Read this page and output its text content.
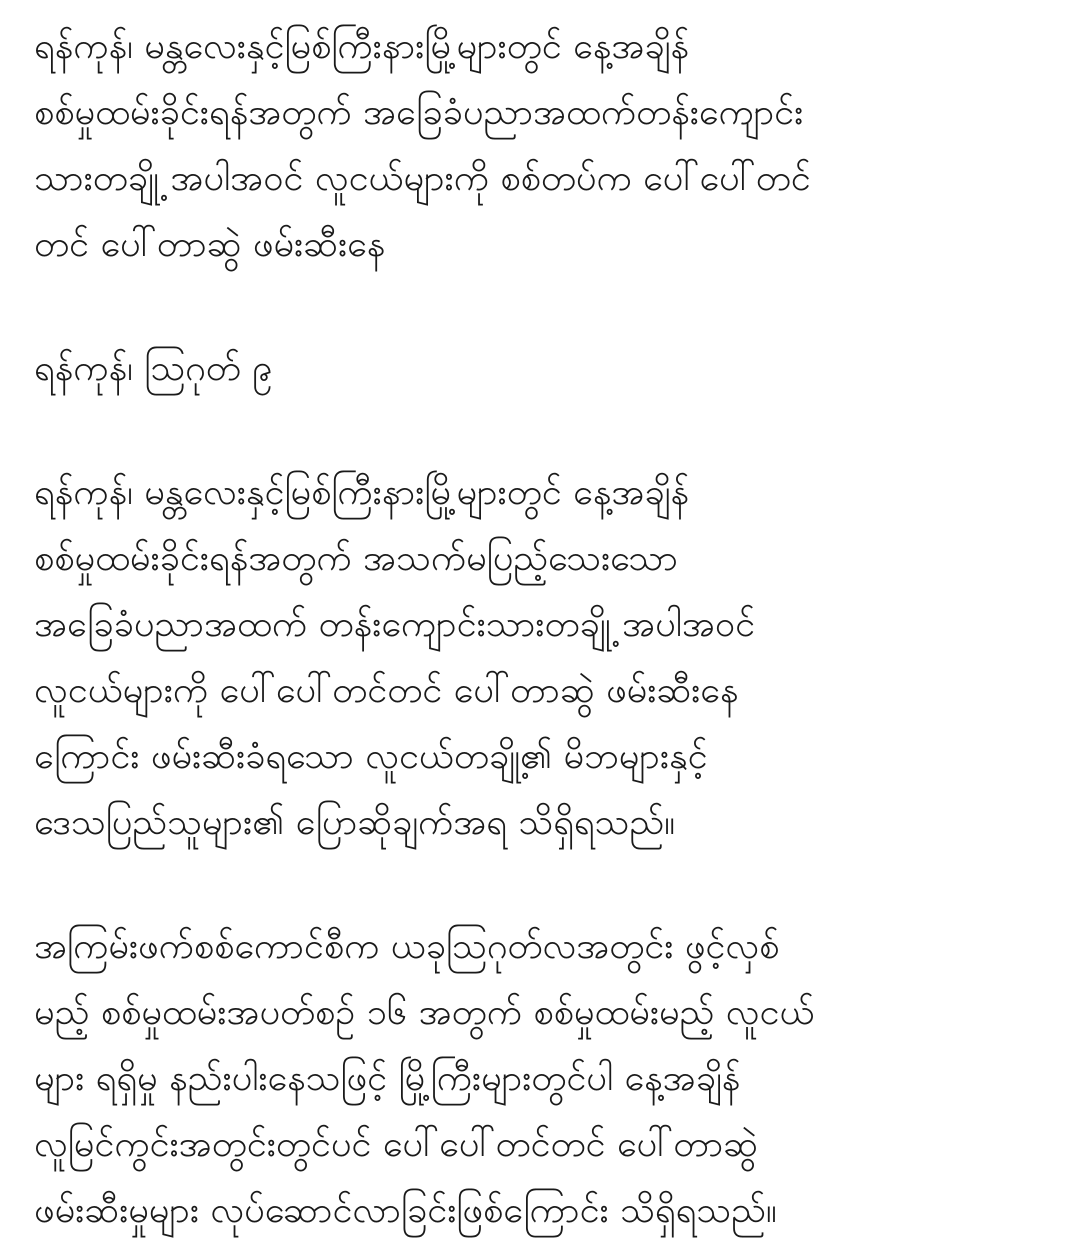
ရန်ကုန်၊ မန္တလေးနှင့်မြစ်ကြီးနားမြို့များတွင် နေ့အချိန်
စစ်မှုထမ်းခိုင်းရန်အတွက် အခြေခံပညာအထက်တန်းကျောင်း
သားတချို့ အပါအဝင် လူငယ်များကို စစ်တပ်က ပေါ်ပေါ်တင်
တင် ပေါ်တာဆွဲ ဖမ်းဆီးနေ
ရန်ကုန်၊ ဩဂုတ် ၉
ရန်ကုန်၊ မန္တလေးနှင့်မြစ်ကြီးနားမြို့များတွင် နေ့အချိန်
စစ်မှုထမ်းခိုင်းရန်အတွက် အသက်မပြည့်သေးသော
အခြေခံပညာအထက် တန်းကျောင်းသားတချို့ အပါအဝင်
လူငယ်များကို ပေါ်ပေါ်တင်တင် ပေါ်တာဆွဲ ဖမ်းဆီးနေ
ကြောင်း ဖမ်းဆီးခံရသော လူငယ်တချို့၏ မိဘများနှင့်
ဒေသပြည်သူများ၏ ပြောဆိုချက်အရ သိရှိရသည်။
အကြမ်းဖက်စစ်ကောင်စီက ယခုဩဂုတ်လအတွင်း ဖွင့်လှစ်
မည့် စစ်မှုထမ်းအပတ်စဉ် ၁၆ အတွက် စစ်မှုထမ်းမည့် လူငယ်
များ ရရှိမှု နည်းပါးနေသဖြင့် မြို့ကြီးများတွင်ပါ နေ့အချိန်
လူမြင်ကွင်းအတွင်းတွင်ပင် ပေါ်ပေါ်တင်တင် ပေါ်တာဆွဲ
ဖမ်းဆီးမှုများ လုပ်ဆောင်လာခြင်းဖြစ်ကြောင်း သိရှိရသည်။
